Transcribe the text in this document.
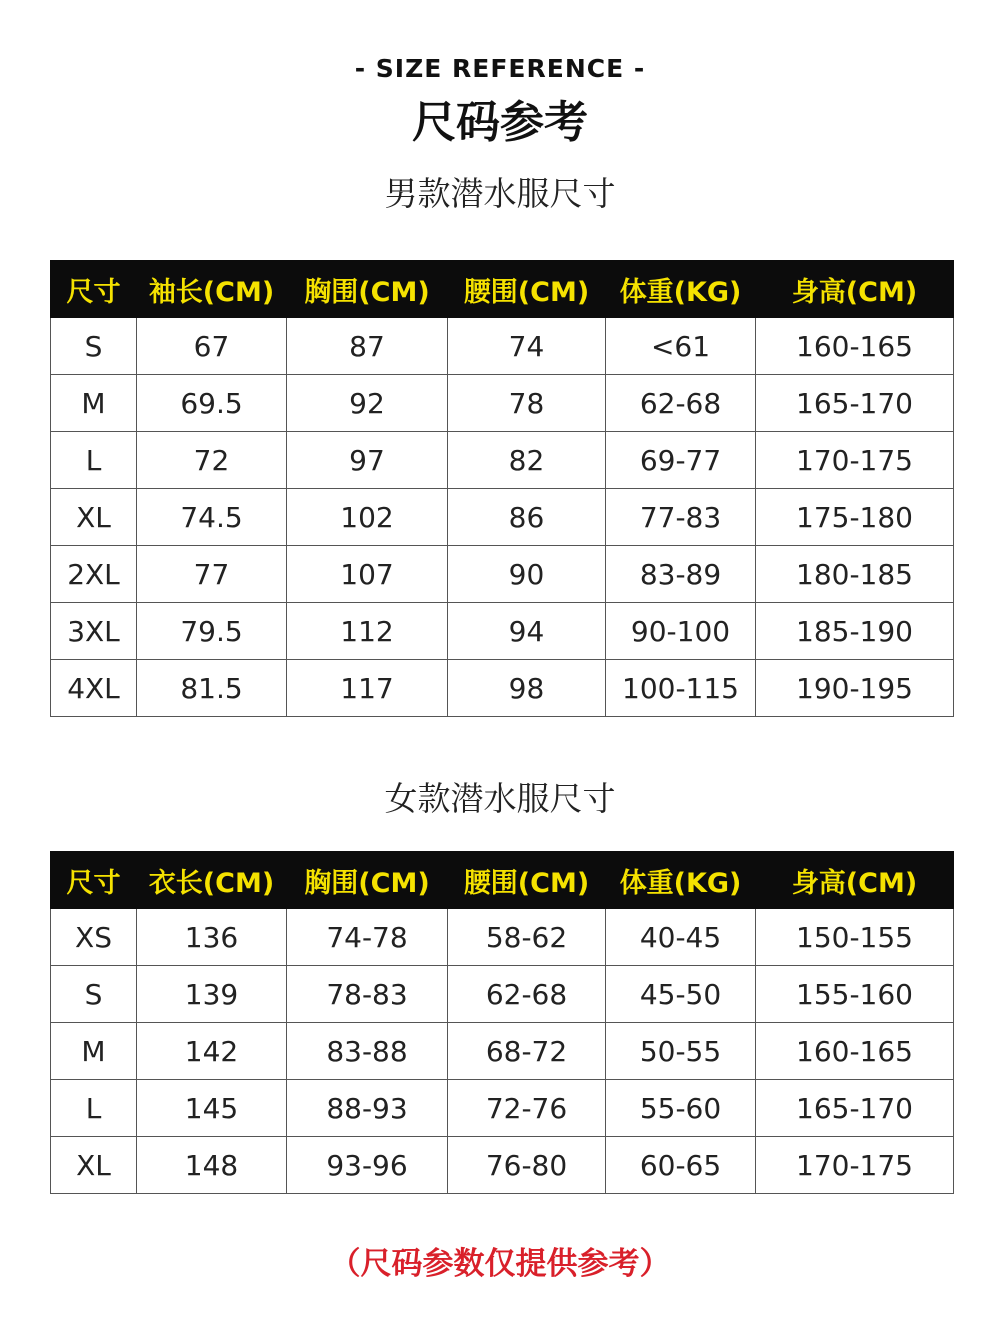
- SIZE REFERENCE -
尺码参考
男款潜水服尺寸
尺寸	袖长(CM)	胸围(CM)	腰围(CM)	体重(KG)	身高(CM)
S	67	87	74	<61	160-165
M	69.5	92	78	62-68	165-170
L	72	97	82	69-77	170-175
XL	74.5	102	86	77-83	175-180
2XL	77	107	90	83-89	180-185
3XL	79.5	112	94	90-100	185-190
4XL	81.5	117	98	100-115	190-195
女款潜水服尺寸
尺寸	衣长(CM)	胸围(CM)	腰围(CM)	体重(KG)	身高(CM)
XS	136	74-78	58-62	40-45	150-155
S	139	78-83	62-68	45-50	155-160
M	142	83-88	68-72	50-55	160-165
L	145	88-93	72-76	55-60	165-170
XL	148	93-96	76-80	60-65	170-175
（尺码参数仅提供参考）
